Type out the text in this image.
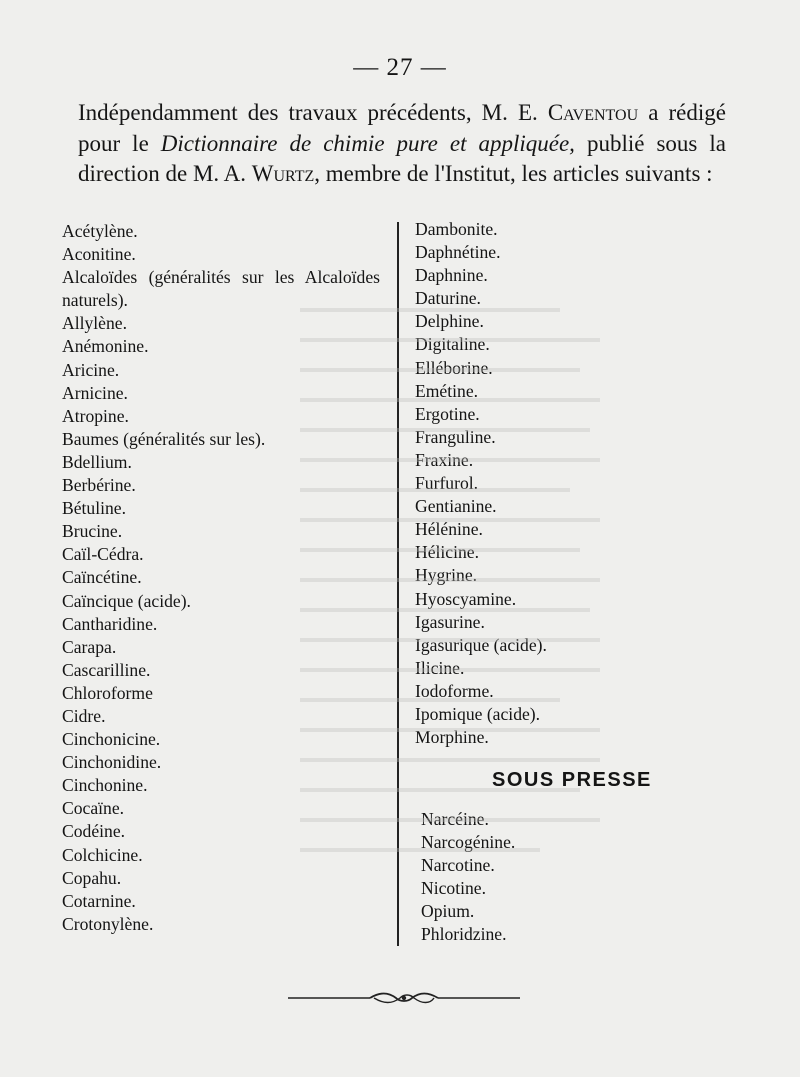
— 27 —

Indépendamment des travaux précédents, M. E. Caventou a rédigé pour le Dictionnaire de chimie pure et appliquée, publié sous la direction de M. A. Wurtz, membre de l'Institut, les articles suivants :

Acétylène.
Aconitine.
Alcaloïdes (généralités sur les Alcaloïdes naturels).
Allylène.
Anémonine.
Aricine.
Arnicine.
Atropine.
Baumes (généralités sur les).
Bdellium.
Berbérine.
Bétuline.
Brucine.
Caïl-Cédra.
Caïncétine.
Caïncique (acide).
Cantharidine.
Carapa.
Cascarilline.
Chloroforme
Cidre.
Cinchonicine.
Cinchonidine.
Cinchonine.
Cocaïne.
Codéine.
Colchicine.
Copahu.
Cotarnine.
Crotonylène.
Dambonite.
Daphnétine.
Daphnine.
Daturine.
Delphine.
Digitaline.
Elléborine.
Emétine.
Ergotine.
Franguline.
Fraxine.
Furfurol.
Gentianine.
Hélénine.
Hélicine.
Hygrine.
Hyoscyamine.
Igasurine.
Igasurique (acide).
Ilicine.
Iodoforme.
Ipomique (acide).
Morphine.
SOUS PRESSE
Narcéine.
Narcogénine.
Narcotine.
Nicotine.
Opium.
Phloridzine.
